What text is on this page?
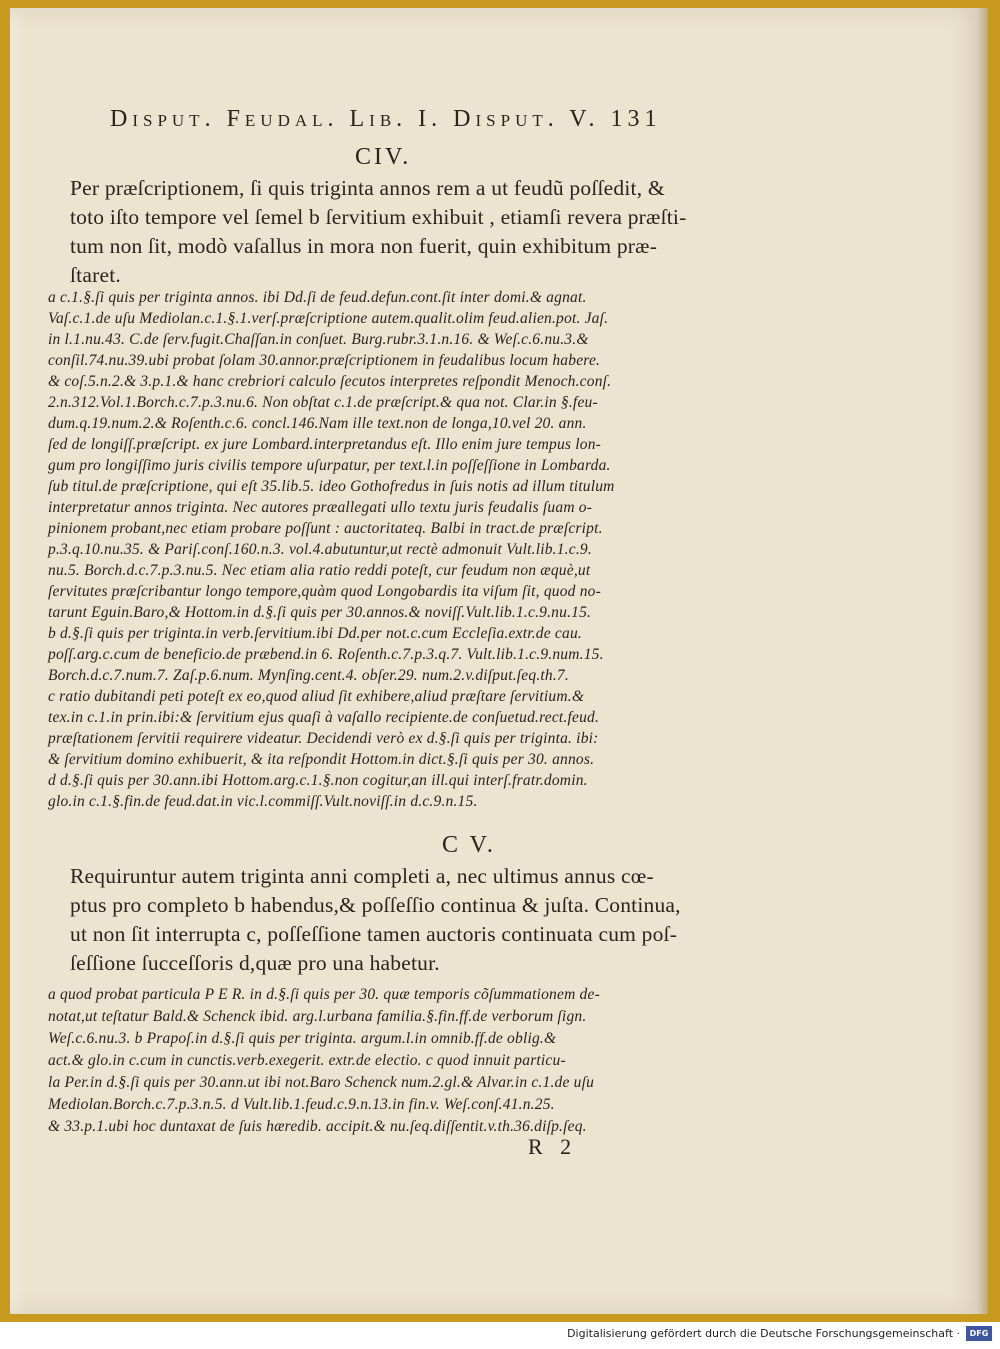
Disput. Feudal. Lib. I. Disput. V. 131
CIV.
Per præſcriptionem, ſi quis triginta annos rem a ut feudũ poſſedit, &
toto iſto tempore vel ſemel b ſervitium exhibuit , etiamſi revera præſti-
tum non ſit, modò vaſallus in mora non fuerit, quin exhibitum præ-
ſtaret.
a c.1.§.ſi quis per triginta annos. ibi Dd.ſi de feud.defun.cont.ſit inter domi.& agnat.
Vaſ.c.1.de uſu Mediolan.c.1.§.1.verſ.præſcriptione autem.qualit.olim feud.alien.pot. Jaſ.
in l.1.nu.43. C.de ſerv.fugit.Chaſſan.in conſuet. Burg.rubr.3.1.n.16. & Weſ.c.6.nu.3.&
conſil.74.nu.39.ubi probat ſolam 30.annor.præſcriptionem in feudalibus locum habere.
& coſ.5.n.2.& 3.p.1.& hanc crebriori calculo ſecutos interpretes reſpondit Menoch.conſ.
2.n.312.Vol.1.Borch.c.7.p.3.nu.6. Non obſtat c.1.de præſcript.& qua not. Clar.in §.feu-
dum.q.19.num.2.& Roſenth.c.6. concl.146.Nam ille text.non de longa,10.vel 20. ann.
ſed de longiſſ.præſcript. ex jure Lombard.interpretandus eſt. Illo enim jure tempus lon-
gum pro longiſſimo juris civilis tempore uſurpatur, per text.l.in poſſeſſione in Lombarda.
ſub titul.de præſcriptione, qui eſt 35.lib.5. ideo Gothofredus in ſuis notis ad illum titulum
interpretatur annos triginta. Nec autores præallegati ullo textu juris feudalis ſuam o-
pinionem probant,nec etiam probare poſſunt : auctoritateq. Balbi in tract.de præſcript.
p.3.q.10.nu.35. & Pariſ.conſ.160.n.3. vol.4.abutuntur,ut rectè admonuit Vult.lib.1.c.9.
nu.5. Borch.d.c.7.p.3.nu.5. Nec etiam alia ratio reddi poteſt, cur feudum non æquè,ut
ſervitutes præſcribantur longo tempore,quàm quod Longobardis ita viſum ſit, quod no-
tarunt Eguin.Baro,& Hottom.in d.§.ſi quis per 30.annos.& noviſſ.Vult.lib.1.c.9.nu.15.
b d.§.ſi quis per triginta.in verb.ſervitium.ibi Dd.per not.c.cum Eccleſia.extr.de cau.
poſſ.arg.c.cum de beneficio.de præbend.in 6. Roſenth.c.7.p.3.q.7. Vult.lib.1.c.9.num.15.
Borch.d.c.7.num.7. Zaſ.p.6.num. Mynſing.cent.4. obſer.29. num.2.v.diſput.ſeq.th.7.
c ratio dubitandi peti poteſt ex eo,quod aliud ſit exhibere,aliud præſtare ſervitium.&
tex.in c.1.in prin.ibi:& ſervitium ejus quaſi à vaſallo recipiente.de conſuetud.rect.feud.
præſtationem ſervitii requirere videatur. Decidendi verò ex d.§.ſi quis per triginta. ibi:
& ſervitium domino exhibuerit, & ita reſpondit Hottom.in dict.§.ſi quis per 30. annos.
d d.§.ſi quis per 30.ann.ibi Hottom.arg.c.1.§.non cogitur,an ill.qui interſ.fratr.domin.
glo.in c.1.§.fin.de feud.dat.in vic.l.commiſſ.Vult.noviſſ.in d.c.9.n.15.
C V.
Requiruntur autem triginta anni completi a, nec ultimus annus cœ-
ptus pro completo b habendus,& poſſeſſio continua & juſta. Continua,
ut non ſit interrupta c, poſſeſſione tamen auctoris continuata cum poſ-
ſeſſione ſucceſſoris d,quæ pro una habetur.
a quod probat particula P E R. in d.§.ſi quis per 30. quæ temporis cõſummationem de-
notat,ut teſtatur Bald.& Schenck ibid. arg.l.urbana familia.§.fin.ff.de verborum ſign.
Weſ.c.6.nu.3. b Prapoſ.in d.§.ſi quis per triginta. argum.l.in omnib.ff.de oblig.&
act.& glo.in c.cum in cunctis.verb.exegerit. extr.de electio. c quod innuit particu-
la Per.in d.§.ſi quis per 30.ann.ut ibi not.Baro Schenck num.2.gl.& Alvar.in c.1.de uſu
Mediolan.Borch.c.7.p.3.n.5. d Vult.lib.1.feud.c.9.n.13.in fin.v. Weſ.conſ.41.n.25.
& 33.p.1.ubi hoc duntaxat de ſuis hæredib. accipit.& nu.ſeq.diſſentit.v.th.36.diſp.ſeq.
R 2
Digitalisierung gefördert durch die Deutsche Forschungsgemeinschaft ·	DFG
